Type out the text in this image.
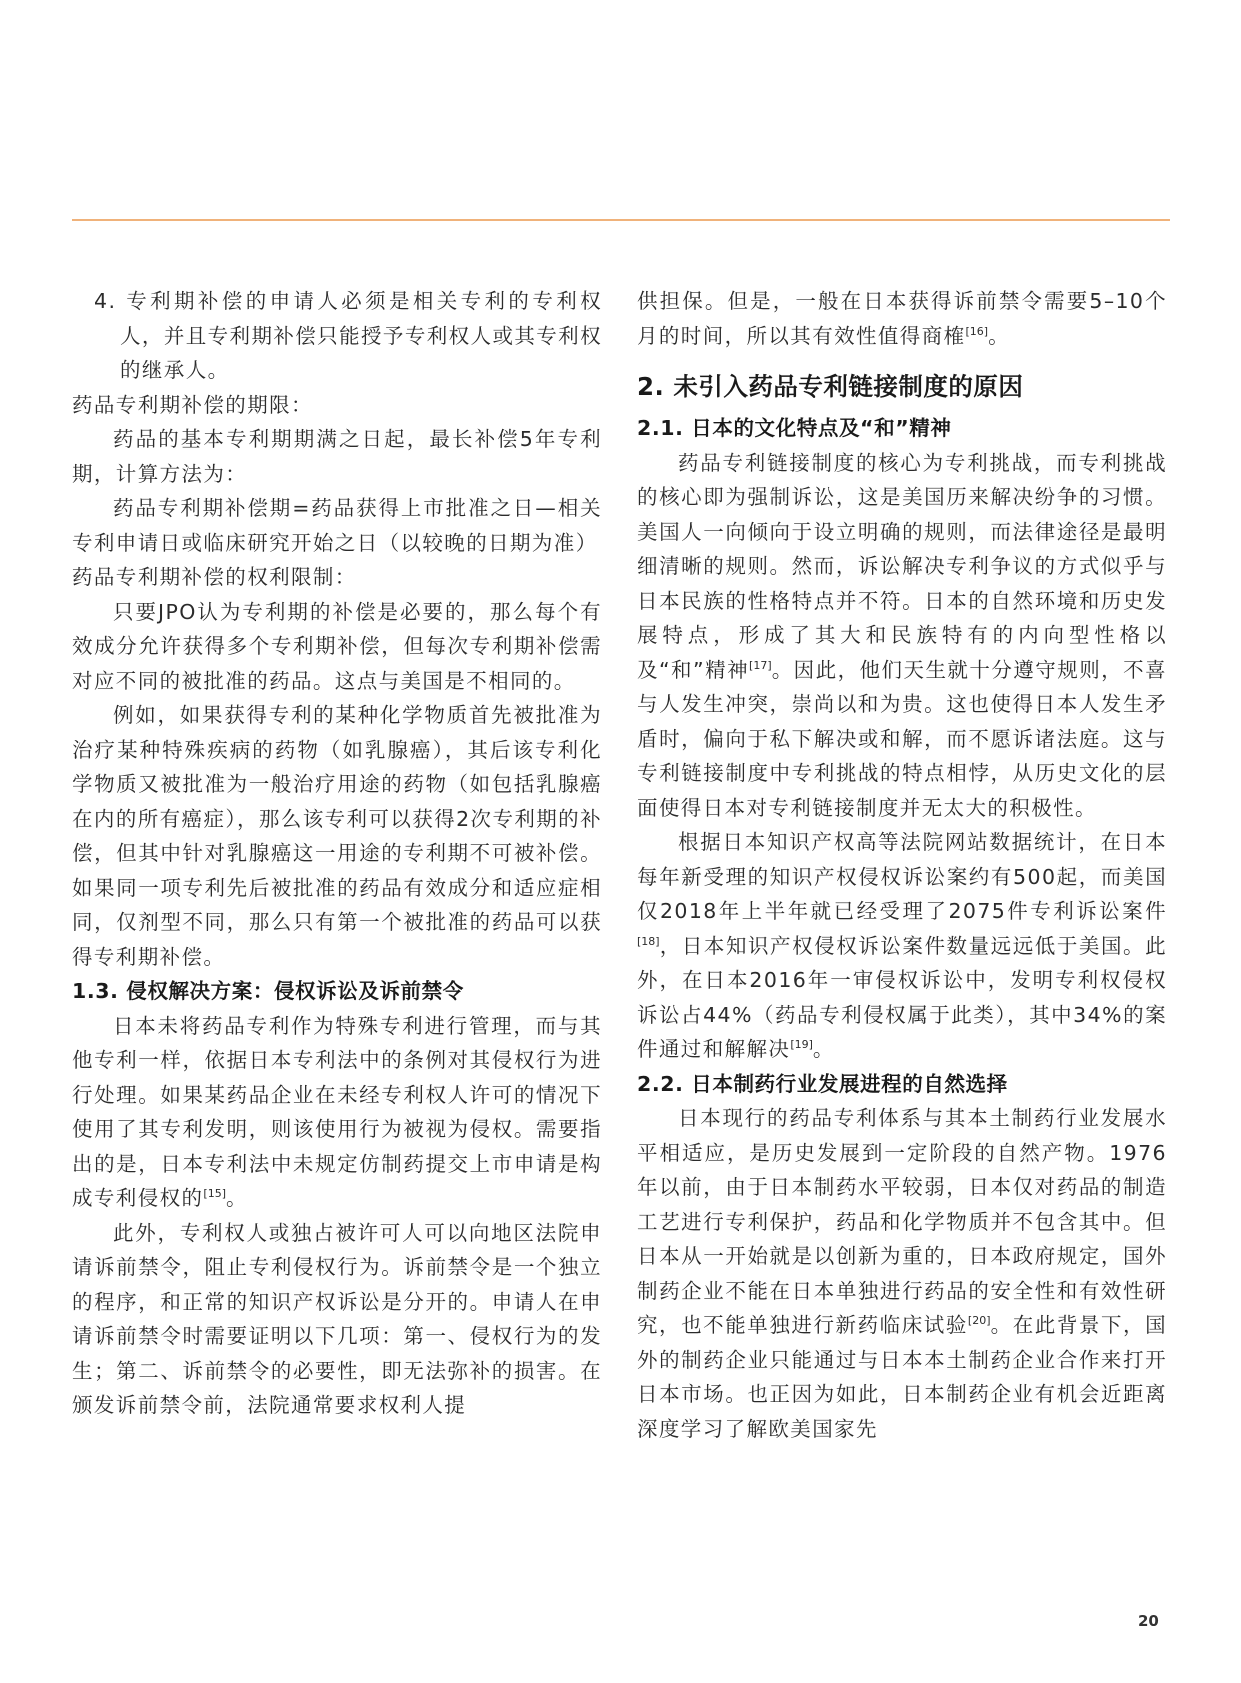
4. 专利期补偿的申请人必须是相关专利的专利权人，并且专利期补偿只能授予专利权人或其专利权的继承人。

药品专利期补偿的期限：

药品的基本专利期期满之日起，最长补偿5年专利期，计算方法为：

药品专利期补偿期=药品获得上市批准之日—相关专利申请日或临床研究开始之日（以较晚的日期为准）

药品专利期补偿的权利限制：

只要JPO认为专利期的补偿是必要的，那么每个有效成分允许获得多个专利期补偿，但每次专利期补偿需对应不同的被批准的药品。这点与美国是不相同的。

例如，如果获得专利的某种化学物质首先被批准为治疗某种特殊疾病的药物（如乳腺癌），其后该专利化学物质又被批准为一般治疗用途的药物（如包括乳腺癌在内的所有癌症），那么该专利可以获得2次专利期的补偿，但其中针对乳腺癌这一用途的专利期不可被补偿。如果同一项专利先后被批准的药品有效成分和适应症相同，仅剂型不同，那么只有第一个被批准的药品可以获得专利期补偿。

1.3. 侵权解决方案：侵权诉讼及诉前禁令

日本未将药品专利作为特殊专利进行管理，而与其他专利一样，依据日本专利法中的条例对其侵权行为进行处理。如果某药品企业在未经专利权人许可的情况下使用了其专利发明，则该使用行为被视为侵权。需要指出的是，日本专利法中未规定仿制药提交上市申请是构成专利侵权的[15]。

此外，专利权人或独占被许可人可以向地区法院申请诉前禁令，阻止专利侵权行为。诉前禁令是一个独立的程序，和正常的知识产权诉讼是分开的。申请人在申请诉前禁令时需要证明以下几项：第一、侵权行为的发生；第二、诉前禁令的必要性，即无法弥补的损害。在颁发诉前禁令前，法院通常要求权利人提

供担保。但是，一般在日本获得诉前禁令需要5–10个月的时间，所以其有效性值得商榷[16]。

2. 未引入药品专利链接制度的原因
2.1. 日本的文化特点及“和”精神

药品专利链接制度的核心为专利挑战，而专利挑战的核心即为强制诉讼，这是美国历来解决纷争的习惯。美国人一向倾向于设立明确的规则，而法律途径是最明细清晰的规则。然而，诉讼解决专利争议的方式似乎与日本民族的性格特点并不符。日本的自然环境和历史发展特点，形成了其大和民族特有的内向型性格以及“和”精神[17]。因此，他们天生就十分遵守规则，不喜与人发生冲突，崇尚以和为贵。这也使得日本人发生矛盾时，偏向于私下解决或和解，而不愿诉诸法庭。这与专利链接制度中专利挑战的特点相悖，从历史文化的层面使得日本对专利链接制度并无太大的积极性。

根据日本知识产权高等法院网站数据统计，在日本每年新受理的知识产权侵权诉讼案约有500起，而美国仅2018年上半年就已经受理了2075件专利诉讼案件[18]，日本知识产权侵权诉讼案件数量远远低于美国。此外，在日本2016年一审侵权诉讼中，发明专利权侵权诉讼占44%（药品专利侵权属于此类），其中34%的案件通过和解解决[19]。

2.2. 日本制药行业发展进程的自然选择

日本现行的药品专利体系与其本土制药行业发展水平相适应，是历史发展到一定阶段的自然产物。1976年以前，由于日本制药水平较弱，日本仅对药品的制造工艺进行专利保护，药品和化学物质并不包含其中。但日本从一开始就是以创新为重的，日本政府规定，国外制药企业不能在日本单独进行药品的安全性和有效性研究，也不能单独进行新药临床试验[20]。在此背景下，国外的制药企业只能通过与日本本土制药企业合作来打开日本市场。也正因为如此，日本制药企业有机会近距离深度学习了解欧美国家先

20
